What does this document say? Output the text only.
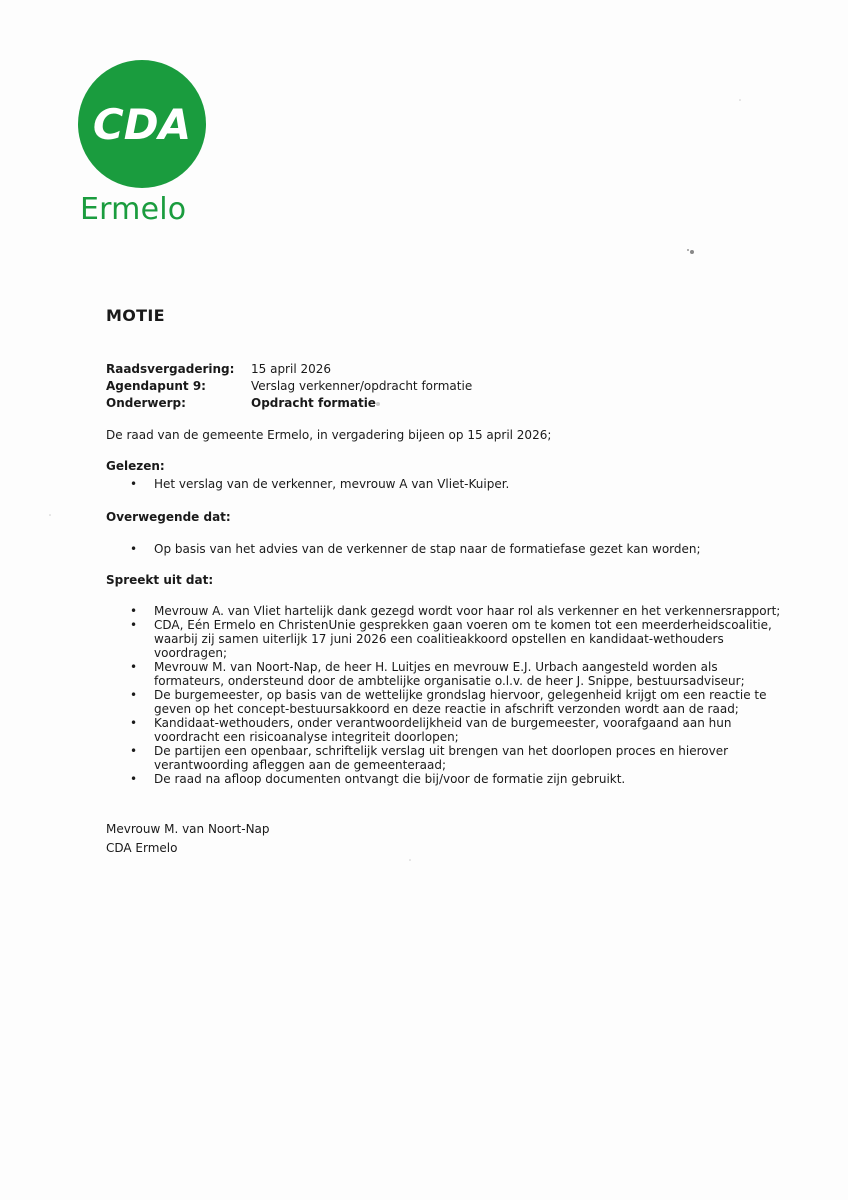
CDA
Ermelo
MOTIE
Raadsvergadering:	15 april 2026
Agendapunt 9:	Verslag verkenner/opdracht formatie
Onderwerp:	Opdracht formatie
De raad van de gemeente Ermelo, in vergadering bijeen op 15 april 2026;
Gelezen:
• Het verslag van de verkenner, mevrouw A van Vliet-Kuiper.
Overwegende dat:
• Op basis van het advies van de verkenner de stap naar de formatiefase gezet kan worden;
Spreekt uit dat:
• Mevrouw A. van Vliet hartelijk dank gezegd wordt voor haar rol als verkenner en het verkennersrapport;
• CDA, Eén Ermelo en ChristenUnie gesprekken gaan voeren om te komen tot een meerderheidscoalitie,
waarbij zij samen uiterlijk 17 juni 2026 een coalitieakkoord opstellen en kandidaat-wethouders
voordragen;
• Mevrouw M. van Noort-Nap, de heer H. Luitjes en mevrouw E.J. Urbach aangesteld worden als
formateurs, ondersteund door de ambtelijke organisatie o.l.v. de heer J. Snippe, bestuursadviseur;
• De burgemeester, op basis van de wettelijke grondslag hiervoor, gelegenheid krijgt om een reactie te
geven op het concept-bestuursakkoord en deze reactie in afschrift verzonden wordt aan de raad;
• Kandidaat-wethouders, onder verantwoordelijkheid van de burgemeester, voorafgaand aan hun
voordracht een risicoanalyse integriteit doorlopen;
• De partijen een openbaar, schriftelijk verslag uit brengen van het doorlopen proces en hierover
verantwoording afleggen aan de gemeenteraad;
• De raad na afloop documenten ontvangt die bij/voor de formatie zijn gebruikt.
Mevrouw M. van Noort-Nap
CDA Ermelo
